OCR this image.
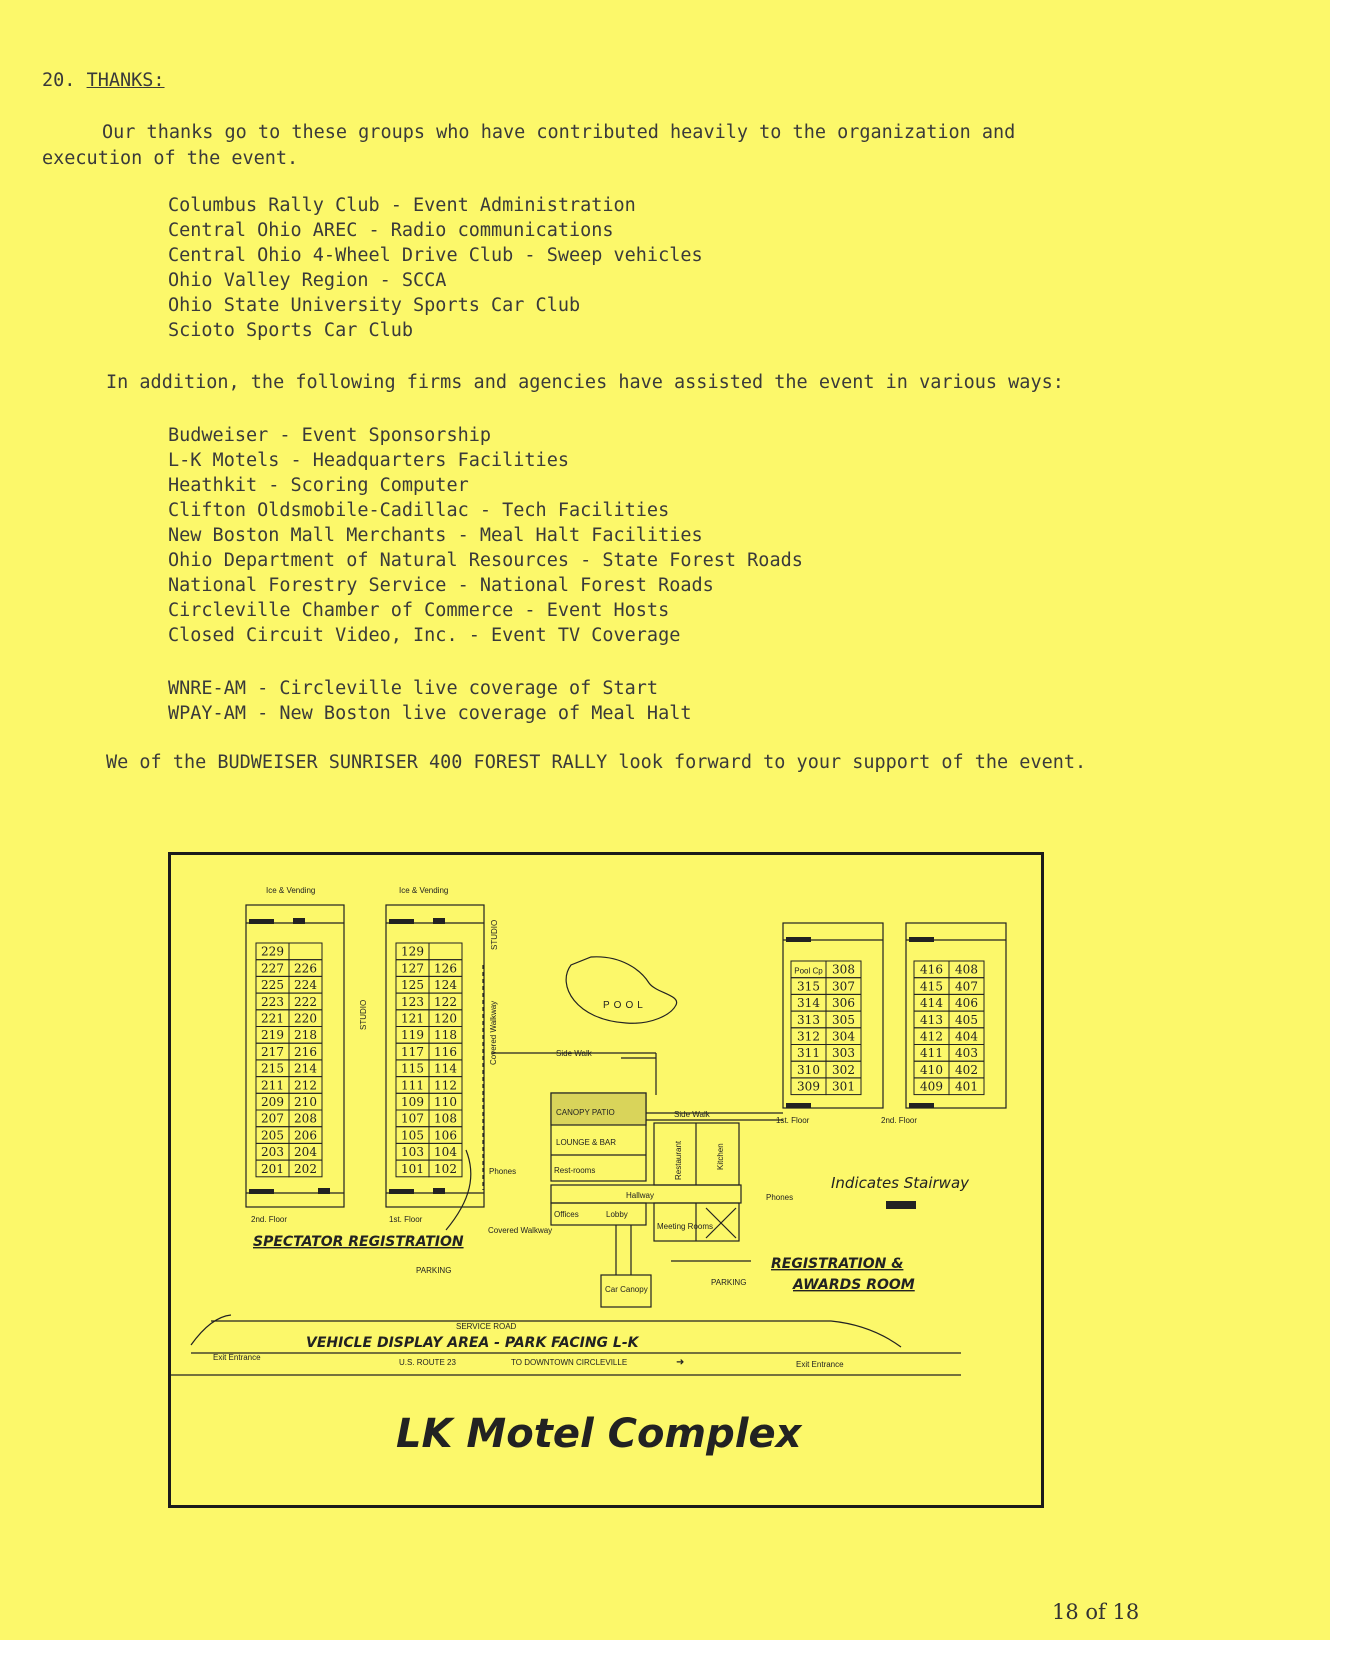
20. THANKS:
Our thanks go to these groups who have contributed heavily to the organization and
execution of the event.
Columbus Rally Club - Event Administration
Central Ohio AREC - Radio communications
Central Ohio 4-Wheel Drive Club - Sweep vehicles
Ohio Valley Region - SCCA
Ohio State University Sports Car Club
Scioto Sports Car Club
In addition, the following firms and agencies have assisted the event in various ways:
Budweiser - Event Sponsorship
L-K Motels - Headquarters Facilities
Heathkit - Scoring Computer
Clifton Oldsmobile-Cadillac - Tech Facilities
New Boston Mall Merchants - Meal Halt Facilities
Ohio Department of Natural Resources - State Forest Roads
National Forestry Service - National Forest Roads
Circleville Chamber of Commerce - Event Hosts
Closed Circuit Video, Inc. - Event TV Coverage
WNRE-AM - Circleville live coverage of Start
WPAY-AM - New Boston live coverage of Meal Halt
We of the BUDWEISER SUNRISER 400 FOREST RALLY look forward to your support of the event.
229
227 226
225 224
223 222
221 220
219 218
217 216
215 214
211 212
209 210
207 208
205 206
203 204
201 202
129
127 126
125 124
123 122
121 120
119 118
117 116
115 114
111 112
109 110
107 108
105 106
103 104
101 102
Pool Cp 308
315 307
314 306
313 305
312 304
311 303
310 302
309 301
416 408
415 407
414 406
413 405
412 404
411 403
410 402
409 401
Ice & Vending	Ice & Vending
STUDIO
STUDIO
Covered Walkway	POOL
Side Walk
Side Walk
CANOPY PATIO
LOUNGE & BAR
Rest-rooms	Restaurant	Kitchen
Hallway
Offices	Lobby
Meeting Rooms
Phones
Phones
Car Canopy
Covered Walkway
PARKING
PARKING
2nd. Floor	1st. Floor
1st. Floor	2nd. Floor
Indicates Stairway
SPECTATOR REGISTRATION
REGISTRATION &
AWARDS ROOM
SERVICE ROAD
VEHICLE DISPLAY AREA - PARK FACING L-K
Exit Entrance
Exit Entrance
U.S. ROUTE 23	TO DOWNTOWN CIRCLEVILLE	➜
LK Motel Complex
18 of 18
